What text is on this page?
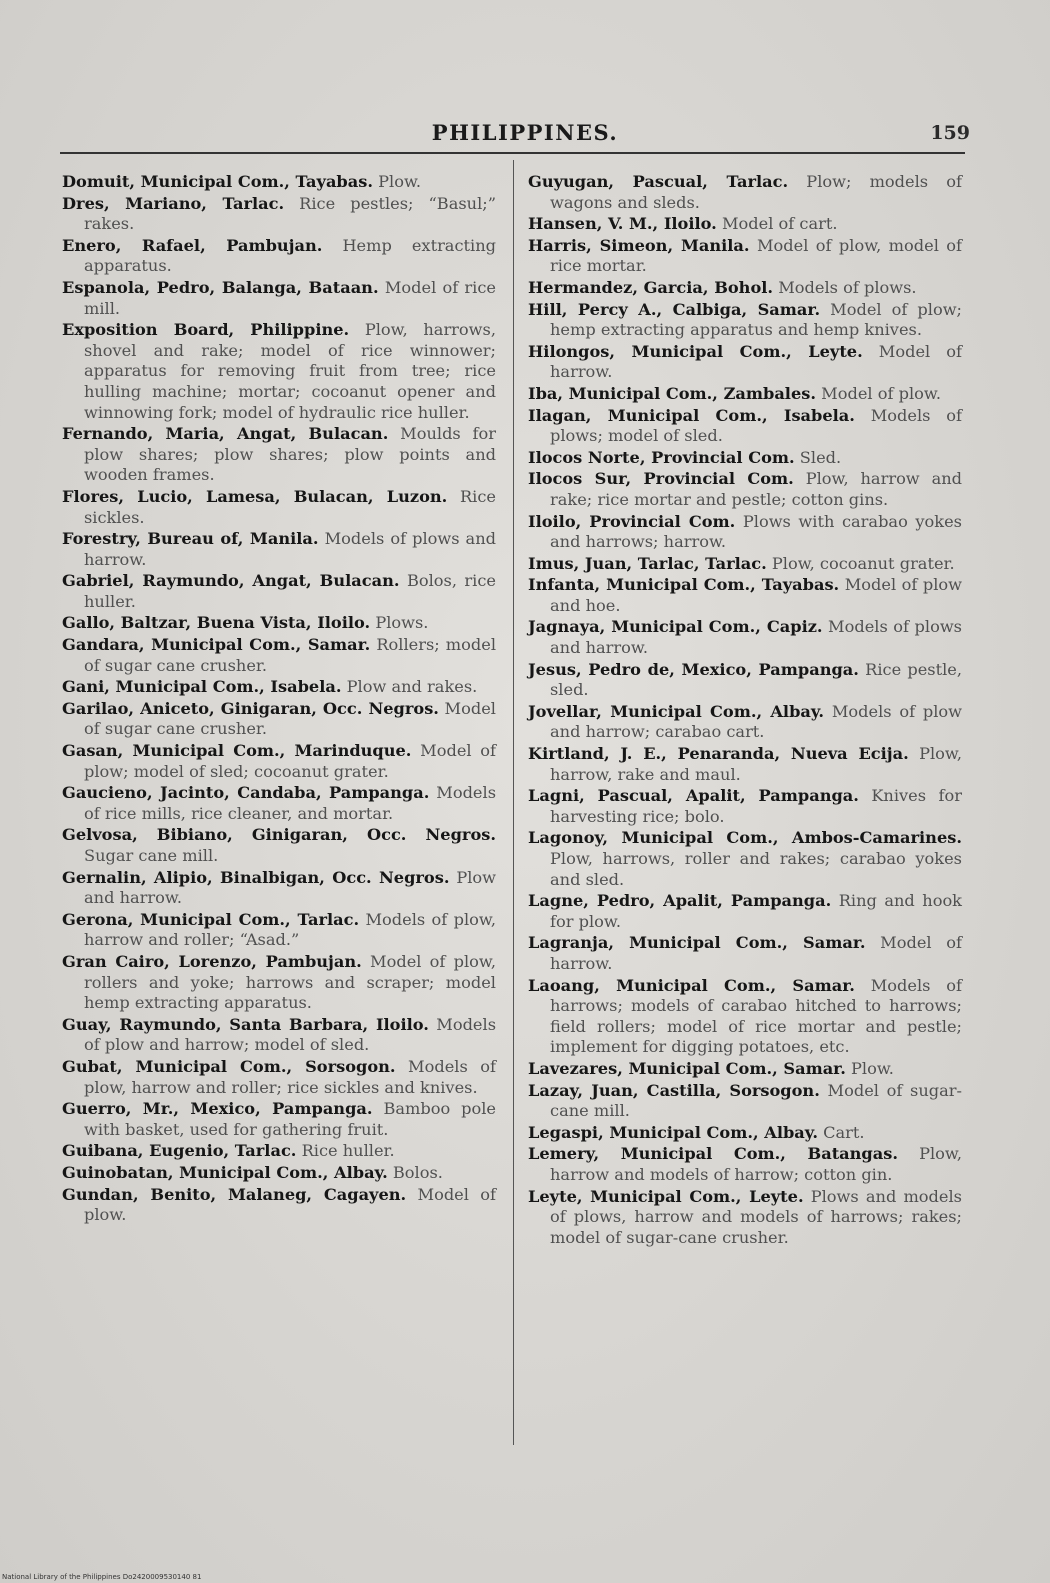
PHILIPPINES.	159

Domuit, Municipal Com., Tayabas. Plow.

Dres, Mariano, Tarlac. Rice pestles; “Basul;” rakes.

Enero, Rafael, Pambujan. Hemp extracting apparatus.

Espanola, Pedro, Balanga, Bataan. Model of rice mill.

Exposition Board, Philippine. Plow, harrows, shovel and rake; model of rice winnower; apparatus for removing fruit from tree; rice hulling machine; mortar; cocoanut opener and winnowing fork; model of hydraulic rice huller.

Fernando, Maria, Angat, Bulacan. Moulds for plow shares; plow shares; plow points and wooden frames.

Flores, Lucio, Lamesa, Bulacan, Luzon. Rice sickles.

Forestry, Bureau of, Manila. Models of plows and harrow.

Gabriel, Raymundo, Angat, Bulacan. Bolos, rice huller.

Gallo, Baltzar, Buena Vista, Iloilo. Plows.

Gandara, Municipal Com., Samar. Rollers; model of sugar cane crusher.

Gani, Municipal Com., Isabela. Plow and rakes.

Garilao, Aniceto, Ginigaran, Occ. Negros. Model of sugar cane crusher.

Gasan, Municipal Com., Marinduque. Model of plow; model of sled; cocoanut grater.

Gaucieno, Jacinto, Candaba, Pampanga. Models of rice mills, rice cleaner, and mortar.

Gelvosa, Bibiano, Ginigaran, Occ. Negros. Sugar cane mill.

Gernalin, Alipio, Binalbigan, Occ. Negros. Plow and harrow.

Gerona, Municipal Com., Tarlac. Models of plow, harrow and roller; “Asad.”

Gran Cairo, Lorenzo, Pambujan. Model of plow, rollers and yoke; harrows and scraper; model hemp extracting apparatus.

Guay, Raymundo, Santa Barbara, Iloilo. Models of plow and harrow; model of sled.

Gubat, Municipal Com., Sorsogon. Models of plow, harrow and roller; rice sickles and knives.

Guerro, Mr., Mexico, Pampanga. Bamboo pole with basket, used for gathering fruit.

Guibana, Eugenio, Tarlac. Rice huller.

Guinobatan, Municipal Com., Albay. Bolos.

Gundan, Benito, Malaneg, Cagayen. Model of plow.

Guyugan, Pascual, Tarlac. Plow; models of wagons and sleds.

Hansen, V. M., Iloilo. Model of cart.

Harris, Simeon, Manila. Model of plow, model of rice mortar.

Hermandez, Garcia, Bohol. Models of plows.

Hill, Percy A., Calbiga, Samar. Model of plow; hemp extracting apparatus and hemp knives.

Hilongos, Municipal Com., Leyte. Model of harrow.

Iba, Municipal Com., Zambales. Model of plow.

Ilagan, Municipal Com., Isabela. Models of plows; model of sled.

Ilocos Norte, Provincial Com. Sled.

Ilocos Sur, Provincial Com. Plow, harrow and rake; rice mortar and pestle; cotton gins.

Iloilo, Provincial Com. Plows with carabao yokes and harrows; harrow.

Imus, Juan, Tarlac, Tarlac. Plow, cocoanut grater.

Infanta, Municipal Com., Tayabas. Model of plow and hoe.

Jagnaya, Municipal Com., Capiz. Models of plows and harrow.

Jesus, Pedro de, Mexico, Pampanga. Rice pestle, sled.

Jovellar, Municipal Com., Albay. Models of plow and harrow; carabao cart.

Kirtland, J. E., Penaranda, Nueva Ecija. Plow, harrow, rake and maul.

Lagni, Pascual, Apalit, Pampanga. Knives for harvesting rice; bolo.

Lagonoy, Municipal Com., Ambos-Camarines. Plow, harrows, roller and rakes; carabao yokes and sled.

Lagne, Pedro, Apalit, Pampanga. Ring and hook for plow.

Lagranja, Municipal Com., Samar. Model of harrow.

Laoang, Municipal Com., Samar. Models of harrows; models of carabao hitched to harrows; field rollers; model of rice mortar and pestle; implement for digging potatoes, etc.

Lavezares, Municipal Com., Samar. Plow.

Lazay, Juan, Castilla, Sorsogon. Model of sugar-cane mill.

Legaspi, Municipal Com., Albay. Cart.

Lemery, Municipal Com., Batangas. Plow, harrow and models of harrow; cotton gin.

Leyte, Municipal Com., Leyte. Plows and models of plows, harrow and models of harrows; rakes; model of sugar-cane crusher.

National Library of the Philippines Do2420009530140 81
